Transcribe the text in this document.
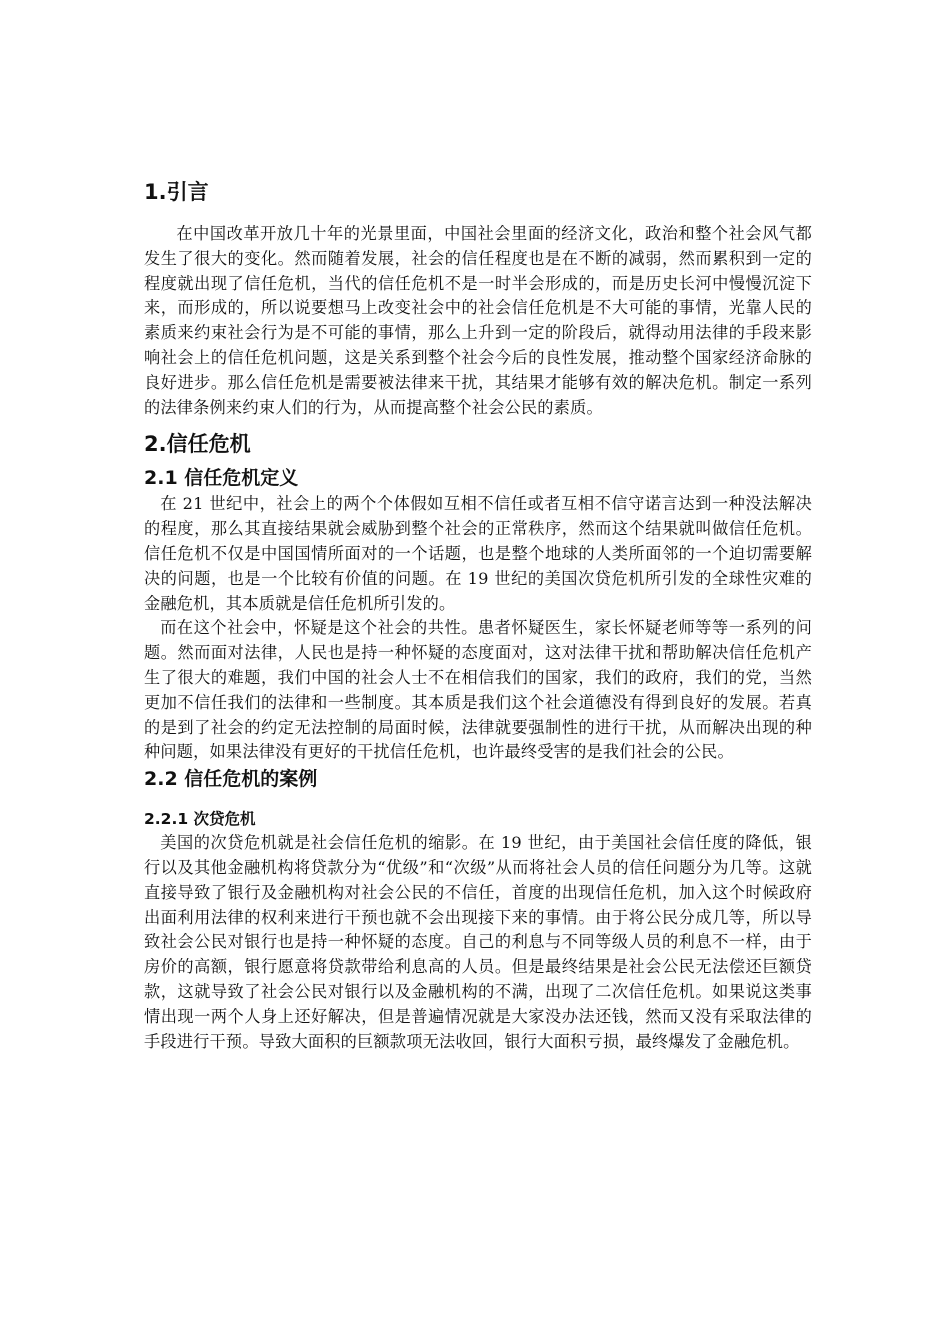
1.引言

在中国改革开放几十年的光景里面，中国社会里面的经济文化，政治和整个社会风气都发生了很大的变化。然而随着发展，社会的信任程度也是在不断的减弱，然而累积到一定的程度就出现了信任危机，当代的信任危机不是一时半会形成的，而是历史长河中慢慢沉淀下来，而形成的，所以说要想马上改变社会中的社会信任危机是不大可能的事情，光靠人民的素质来约束社会行为是不可能的事情，那么上升到一定的阶段后，就得动用法律的手段来影响社会上的信任危机问题，这是关系到整个社会今后的良性发展，推动整个国家经济命脉的良好进步。那么信任危机是需要被法律来干扰，其结果才能够有效的解决危机。制定一系列的法律条例来约束人们的行为，从而提高整个社会公民的素质。

2.信任危机
2.1 信任危机定义

在 21 世纪中，社会上的两个个体假如互相不信任或者互相不信守诺言达到一种没法解决的程度，那么其直接结果就会威胁到整个社会的正常秩序，然而这个结果就叫做信任危机。信任危机不仅是中国国情所面对的一个话题，也是整个地球的人类所面邻的一个迫切需要解决的问题，也是一个比较有价值的问题。在 19 世纪的美国次贷危机所引发的全球性灾难的金融危机，其本质就是信任危机所引发的。

而在这个社会中，怀疑是这个社会的共性。患者怀疑医生，家长怀疑老师等等一系列的问题。然而面对法律，人民也是持一种怀疑的态度面对，这对法律干扰和帮助解决信任危机产生了很大的难题，我们中国的社会人士不在相信我们的国家，我们的政府，我们的党，当然更加不信任我们的法律和一些制度。其本质是我们这个社会道德没有得到良好的发展。若真的是到了社会的约定无法控制的局面时候，法律就要强制性的进行干扰，从而解决出现的种种问题，如果法律没有更好的干扰信任危机，也许最终受害的是我们社会的公民。

2.2 信任危机的案例
2.2.1 次贷危机

美国的次贷危机就是社会信任危机的缩影。在 19 世纪，由于美国社会信任度的降低，银行以及其他金融机构将贷款分为“优级”和“次级”从而将社会人员的信任问题分为几等。这就直接导致了银行及金融机构对社会公民的不信任，首度的出现信任危机，加入这个时候政府出面利用法律的权利来进行干预也就不会出现接下来的事情。由于将公民分成几等，所以导致社会公民对银行也是持一种怀疑的态度。自己的利息与不同等级人员的利息不一样，由于房价的高额，银行愿意将贷款带给利息高的人员。但是最终结果是社会公民无法偿还巨额贷款，这就导致了社会公民对银行以及金融机构的不满，出现了二次信任危机。如果说这类事情出现一两个人身上还好解决，但是普遍情况就是大家没办法还钱，然而又没有采取法律的手段进行干预。导致大面积的巨额款项无法收回，银行大面积亏损，最终爆发了金融危机。
